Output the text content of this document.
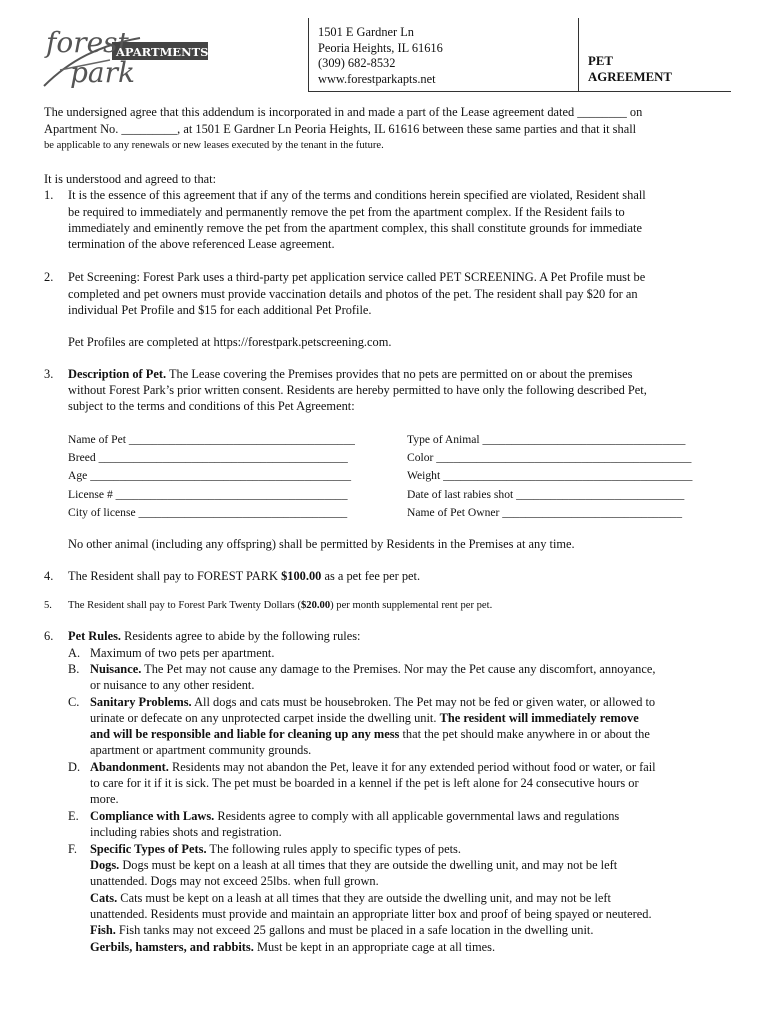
forest
park
APARTMENTS
1501 E Gardner Ln
Peoria Heights, IL 61616
(309) 682-8532
www.forestparkapts.net
PET
AGREEMENT
The undersigned agree that this addendum is incorporated in and made a part of the Lease agreement dated ________ on
Apartment No. _________, at 1501 E Gardner Ln Peoria Heights, IL 61616 between these same parties and that it shall
be applicable to any renewals or new leases executed by the tenant in the future.
It is understood and agreed to that:
1. It is the essence of this agreement that if any of the terms and conditions herein specified are violated, Resident shall
be required to immediately and permanently remove the pet from the apartment complex. If the Resident fails to
immediately and eminently remove the pet from the apartment complex, this shall constitute grounds for immediate
termination of the above referenced Lease agreement.
2. Pet Screening: Forest Park uses a third-party pet application service called PET SCREENING. A Pet Profile must be
completed and pet owners must provide vaccination details and photos of the pet. The resident shall pay $20 for an
individual Pet Profile and $15 for each additional Pet Profile.
Pet Profiles are completed at https://forestpark.petscreening.com.
3. Description of Pet. The Lease covering the Premises provides that no pets are permitted on or about the premises
without Forest Park’s prior written consent. Residents are hereby permitted to have only the following described Pet,
subject to the terms and conditions of this Pet Agreement:
Name of Pet _______________________________________
Breed ___________________________________________
Age _____________________________________________
License # ________________________________________
City of license ____________________________________
Type of Animal ___________________________________
Color ____________________________________________
Weight ___________________________________________
Date of last rabies shot _____________________________
Name of Pet Owner _______________________________
No other animal (including any offspring) shall be permitted by Residents in the Premises at any time.
4. The Resident shall pay to FOREST PARK $100.00 as a pet fee per pet.
5. The Resident shall pay to Forest Park Twenty Dollars ($20.00) per month supplemental rent per pet.
6. Pet Rules. Residents agree to abide by the following rules:
A. Maximum of two pets per apartment.
B. Nuisance. The Pet may not cause any damage to the Premises. Nor may the Pet cause any discomfort, annoyance,
or nuisance to any other resident.
C. Sanitary Problems. All dogs and cats must be housebroken. The Pet may not be fed or given water, or allowed to
urinate or defecate on any unprotected carpet inside the dwelling unit. The resident will immediately remove
and will be responsible and liable for cleaning up any mess that the pet should make anywhere in or about the
apartment or apartment community grounds.
D. Abandonment. Residents may not abandon the Pet, leave it for any extended period without food or water, or fail
to care for it if it is sick. The pet must be boarded in a kennel if the pet is left alone for 24 consecutive hours or
more.
E. Compliance with Laws. Residents agree to comply with all applicable governmental laws and regulations
including rabies shots and registration.
F. Specific Types of Pets. The following rules apply to specific types of pets.
Dogs. Dogs must be kept on a leash at all times that they are outside the dwelling unit, and may not be left
unattended. Dogs may not exceed 25lbs. when full grown.
Cats. Cats must be kept on a leash at all times that they are outside the dwelling unit, and may not be left
unattended. Residents must provide and maintain an appropriate litter box and proof of being spayed or neutered.
Fish. Fish tanks may not exceed 25 gallons and must be placed in a safe location in the dwelling unit.
Gerbils, hamsters, and rabbits. Must be kept in an appropriate cage at all times.
